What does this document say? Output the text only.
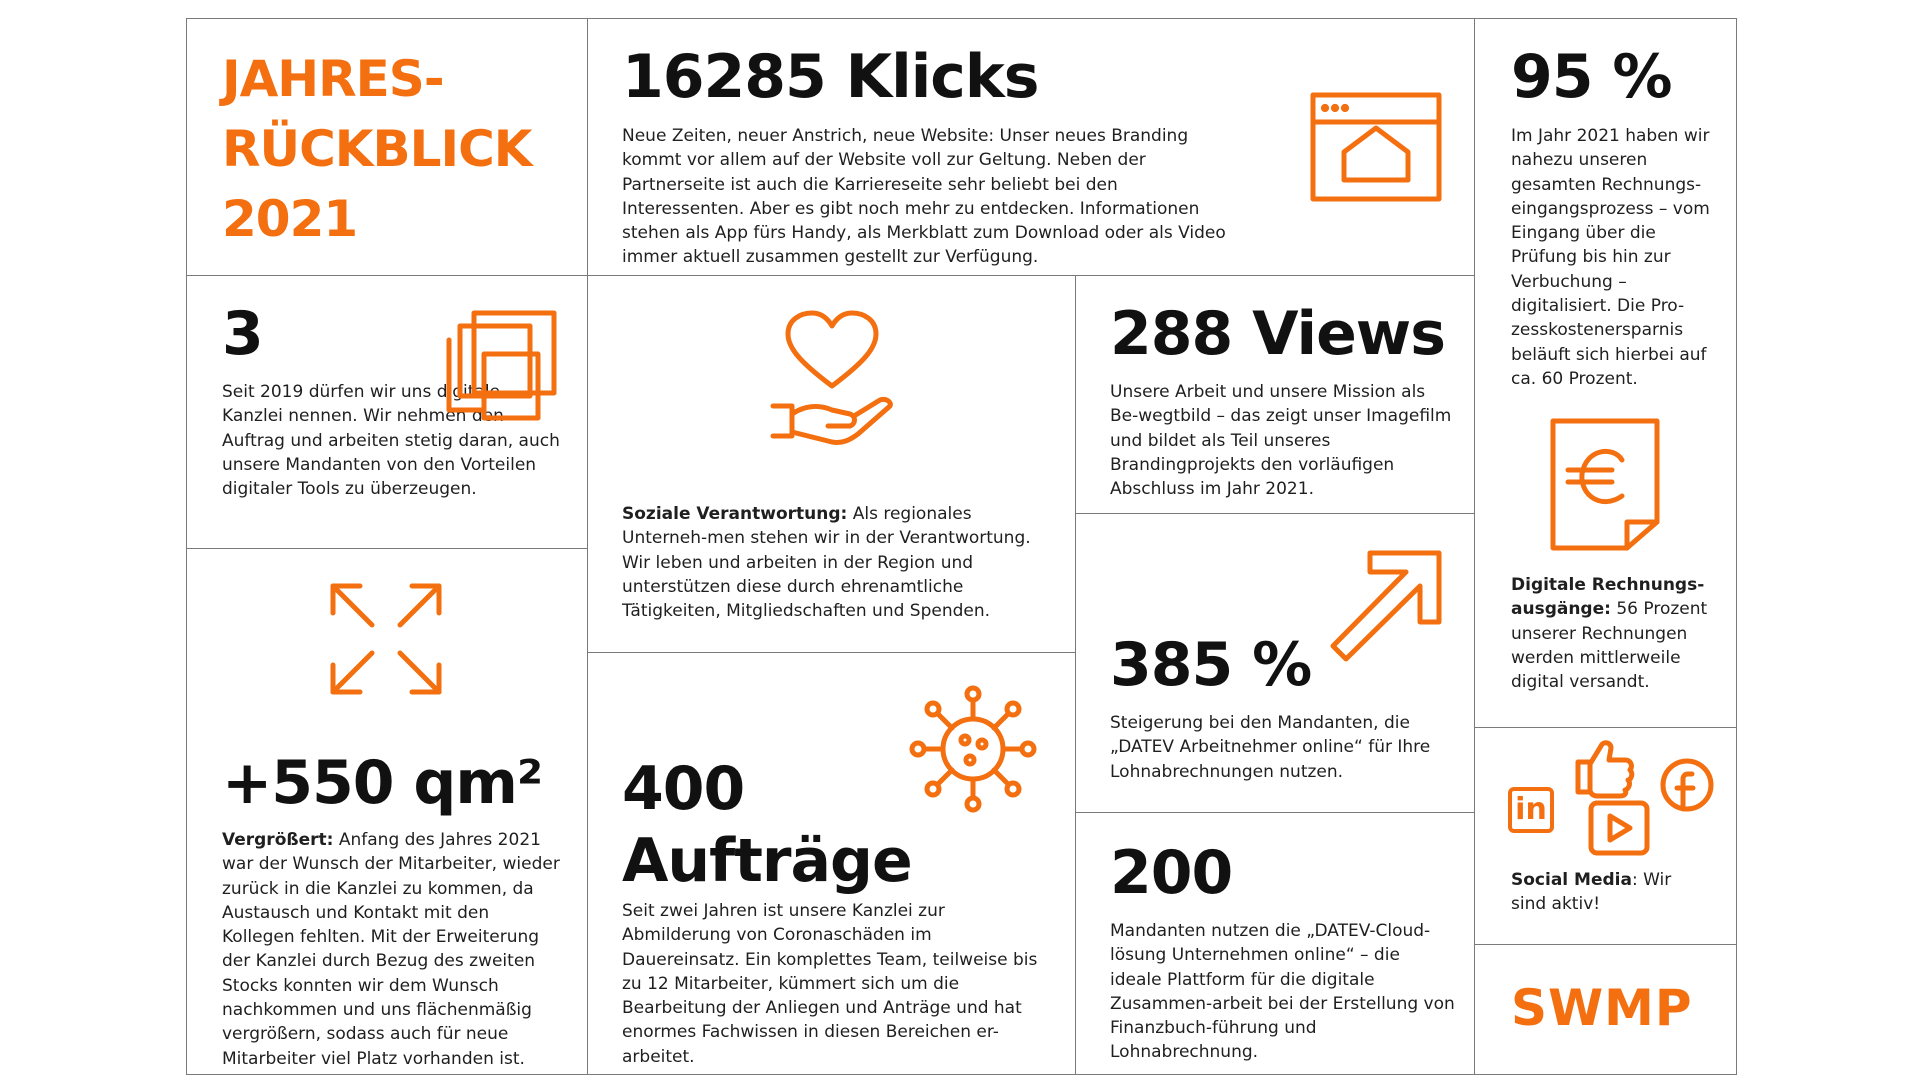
JAHRES-
RÜCKBLICK
2021
16285 Klicks
Neue Zeiten, neuer Anstrich, neue Website: Unser neues Branding kommt vor allem auf der Website voll zur Geltung. Neben der Partnerseite ist auch die Karriereseite sehr beliebt bei den Interessenten. Aber es gibt noch mehr zu entdecken. Informationen stehen als App fürs Handy, als Merkblatt zum Download oder als Video immer aktuell zusammen gestellt zur Verfügung.
95 %
Im Jahr 2021 haben wir nahezu unseren gesamten Rechnungs-eingangsprozess – vom Eingang über die Prüfung bis hin zur Verbuchung – digitalisiert. Die Pro-zesskostenersparnis beläuft sich hierbei auf ca. 60 Prozent.
Digitale Rechnungs-ausgänge: 56 Prozent unserer Rechnungen werden mittlerweile digital versandt.
3
Seit 2019 dürfen wir uns digitale Kanzlei nennen. Wir nehmen den Auftrag und arbeiten stetig daran, auch unsere Mandanten von den Vorteilen digitaler Tools zu überzeugen.
Soziale Verantwortung: Als regionales Unterneh-men stehen wir in der Verantwortung. Wir leben und arbeiten in der Region und unterstützen diese durch ehrenamtliche Tätigkeiten, Mitgliedschaften und Spenden.
288 Views
Unsere Arbeit und unsere Mission als Be-wegtbild – das zeigt unser Imagefilm und bildet als Teil unseres Brandingprojekts den vorläufigen Abschluss im Jahr 2021.
+550 qm²
Vergrößert: Anfang des Jahres 2021 war der Wunsch der Mitarbeiter, wieder zurück in die Kanzlei zu kommen, da Austausch und Kontakt mit den Kollegen fehlten. Mit der Erweiterung der Kanzlei durch Bezug des zweiten Stocks konnten wir dem Wunsch nachkommen und uns flächenmäßig vergrößern, sodass auch für neue Mitarbeiter viel Platz vorhanden ist.
385 %
Steigerung bei den Mandanten, die „DATEV Arbeitnehmer online“ für Ihre Lohnabrechnungen nutzen.
400
Aufträge
Seit zwei Jahren ist unsere Kanzlei zur Abmilderung von Coronaschäden im Dauereinsatz. Ein komplettes Team, teilweise bis zu 12 Mitarbeiter, kümmert sich um die Bearbeitung der Anliegen und Anträge und hat enormes Fachwissen in diesen Bereichen er-arbeitet.
in
Social Media: Wir sind aktiv!
200
Mandanten nutzen die „DATEV-Cloud-lösung Unternehmen online“ – die ideale Plattform für die digitale Zusammen-arbeit bei der Erstellung von Finanzbuch-führung und Lohnabrechnung.
SWMP
